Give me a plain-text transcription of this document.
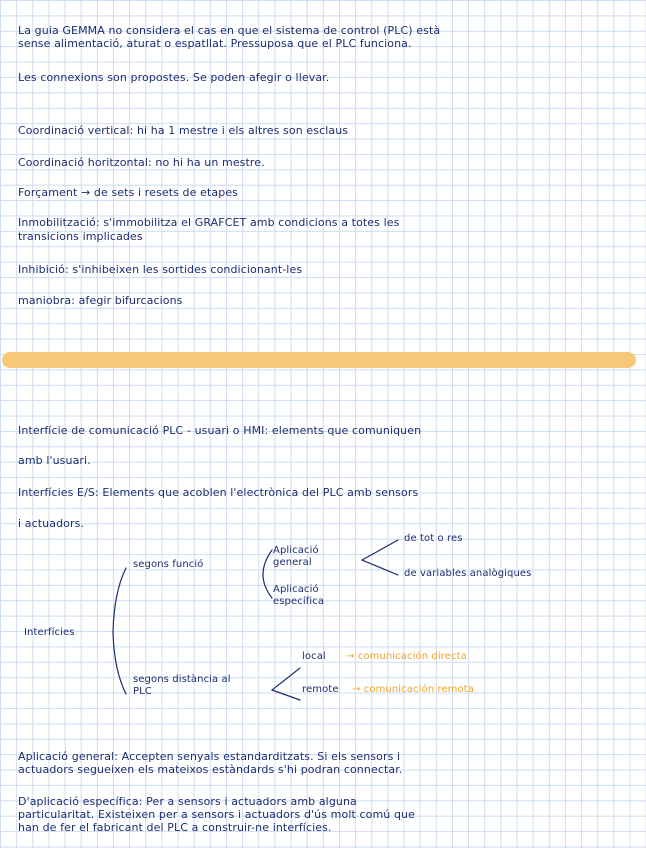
La guia GEMMA no considera el cas en que el sistema de control (PLC) està
sense alimentació, aturat o espatllat. Pressuposa que el PLC funciona.
Les connexions son propostes. Se poden afegir o llevar.
Coordinació vertical: hi ha 1 mestre i els altres son esclaus
Coordinació horitzontal: no hi ha un mestre.
Forçament → de sets i resets de etapes
Inmobilització: s'immobilitza el GRAFCET amb condicions a totes les
transicions implicades
Inhibició: s'inhibeixen les sortides condicionant-les
maniobra: afegir bifurcacions
Interfície de comunicació PLC - usuari o HMI: elements que comuniquen
amb l'usuari.
Interfícies E/S: Elements que acoblen l'electrònica del PLC amb sensors
i actuadors.
Interfícies
segons funció
segons distància al PLC
Aplicació general
Aplicació específica
de tot o res
de variables analògiques
local → comunicación directa
remote → comunicación remota
Aplicació general: Accepten senyals estandarditzats. Si els sensors i
actuadors segueixen els mateixos estàndards s'hi podran connectar.
D'aplicació específica: Per a sensors i actuadors amb alguna
particularitat. Existeixen per a sensors i actuadors d'ús molt comú que
han de fer el fabricant del PLC a construir-ne interfícies.
